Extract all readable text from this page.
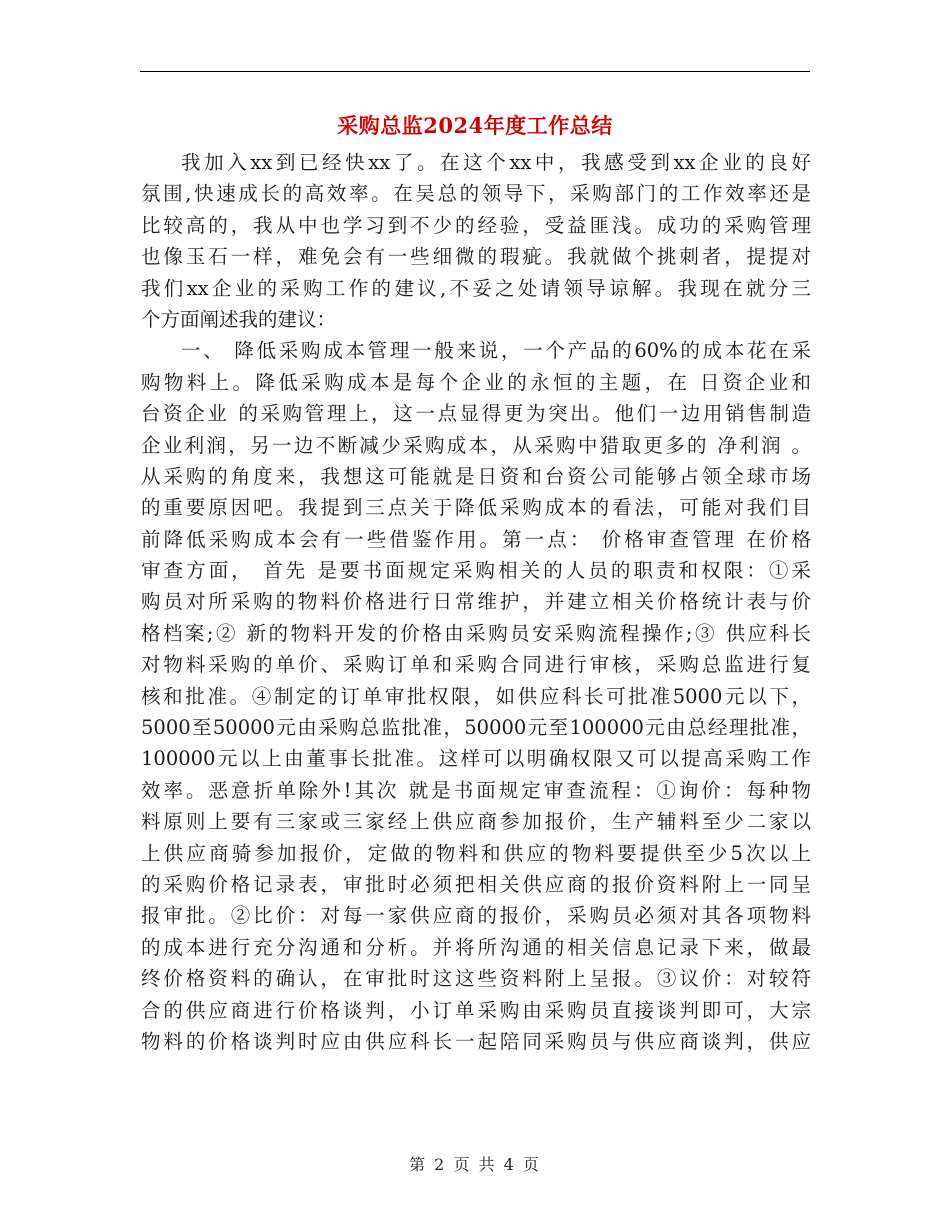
采购总监2024年度工作总结
我加入xx到已经快xx了。在这个xx中，我感受到xx企业的良好
氛围,快速成长的高效率。在吴总的领导下，采购部门的工作效率还是
比较高的，我从中也学习到不少的经验，受益匪浅。成功的采购管理
也像玉石一样，难免会有一些细微的瑕疵。我就做个挑刺者，提提对
我们xx企业的采购工作的建议,不妥之处请领导谅解。我现在就分三
个方面阐述我的建议：
一、 降低采购成本管理一般来说，一个产品的60%的成本花在采
购物料上。降低采购成本是每个企业的永恒的主题，在 日资企业和
台资企业 的采购管理上，这一点显得更为突出。他们一边用销售制造
企业利润，另一边不断减少采购成本，从采购中猎取更多的 净利润 。
从采购的角度来，我想这可能就是日资和台资公司能够占领全球市场
的重要原因吧。我提到三点关于降低采购成本的看法，可能对我们目
前降低采购成本会有一些借鉴作用。第一点： 价格审查管理 在价格
审查方面， 首先 是要书面规定采购相关的人员的职责和权限：①采
购员对所采购的物料价格进行日常维护，并建立相关价格统计表与价
格档案;② 新的物料开发的价格由采购员安采购流程操作;③ 供应科长
对物料采购的单价、采购订单和采购合同进行审核，采购总监进行复
核和批准。④制定的订单审批权限，如供应科长可批准5000元以下，
5000至50000元由采购总监批准，50000元至100000元由总经理批准，
100000元以上由董事长批准。这样可以明确权限又可以提高采购工作
效率。恶意折单除外!其次 就是书面规定审查流程：①询价：每种物
料原则上要有三家或三家经上供应商参加报价，生产辅料至少二家以
上供应商骑参加报价，定做的物料和供应的物料要提供至少5次以上
的采购价格记录表，审批时必须把相关供应商的报价资料附上一同呈
报审批。②比价：对每一家供应商的报价，采购员必须对其各项物料
的成本进行充分沟通和分析。并将所沟通的相关信息记录下来，做最
终价格资料的确认，在审批时这这些资料附上呈报。③议价：对较符
合的供应商进行价格谈判，小订单采购由采购员直接谈判即可，大宗
物料的价格谈判时应由供应科长一起陪同采购员与供应商谈判，供应
第 2 页 共 4 页
